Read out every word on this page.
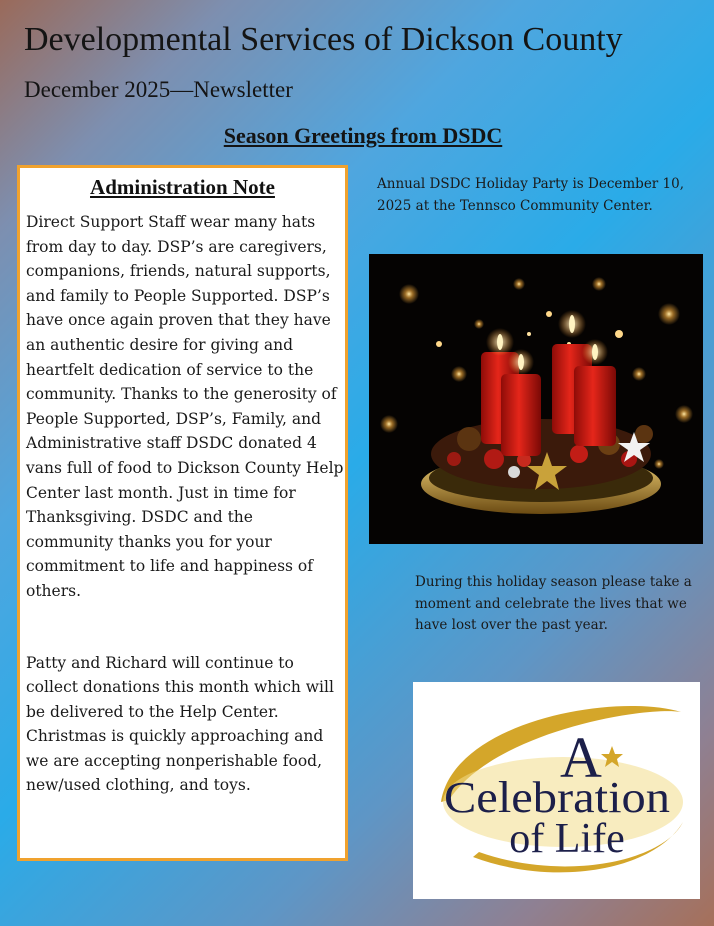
Developmental Services of Dickson County
December 2025—Newsletter
Season Greetings from DSDC
Administration Note

Direct Support Staff wear many hats from day to day. DSP’s are caregivers, companions, friends, natural supports, and family to People Supported. DSP’s have once again proven that they have an authentic desire for giving and heartfelt dedication of service to the community. Thanks to the generosity of People Supported, DSP’s, Family, and Administrative staff DSDC donated 4 vans full of food to Dickson County Help Center last month. Just in time for Thanksgiving. DSDC and the community thanks you for your commitment to life and happiness of others.

Patty and Richard will continue to collect donations this month which will be delivered to the Help Center. Christmas is quickly approaching and we are accepting nonperishable food, new/used clothing, and toys.

Annual DSDC Holiday Party is December 10, 2025 at the Tennsco Community Center.

During this holiday season please take a moment and celebrate the lives that we have lost over the past year.

A
Celebration
of Life
